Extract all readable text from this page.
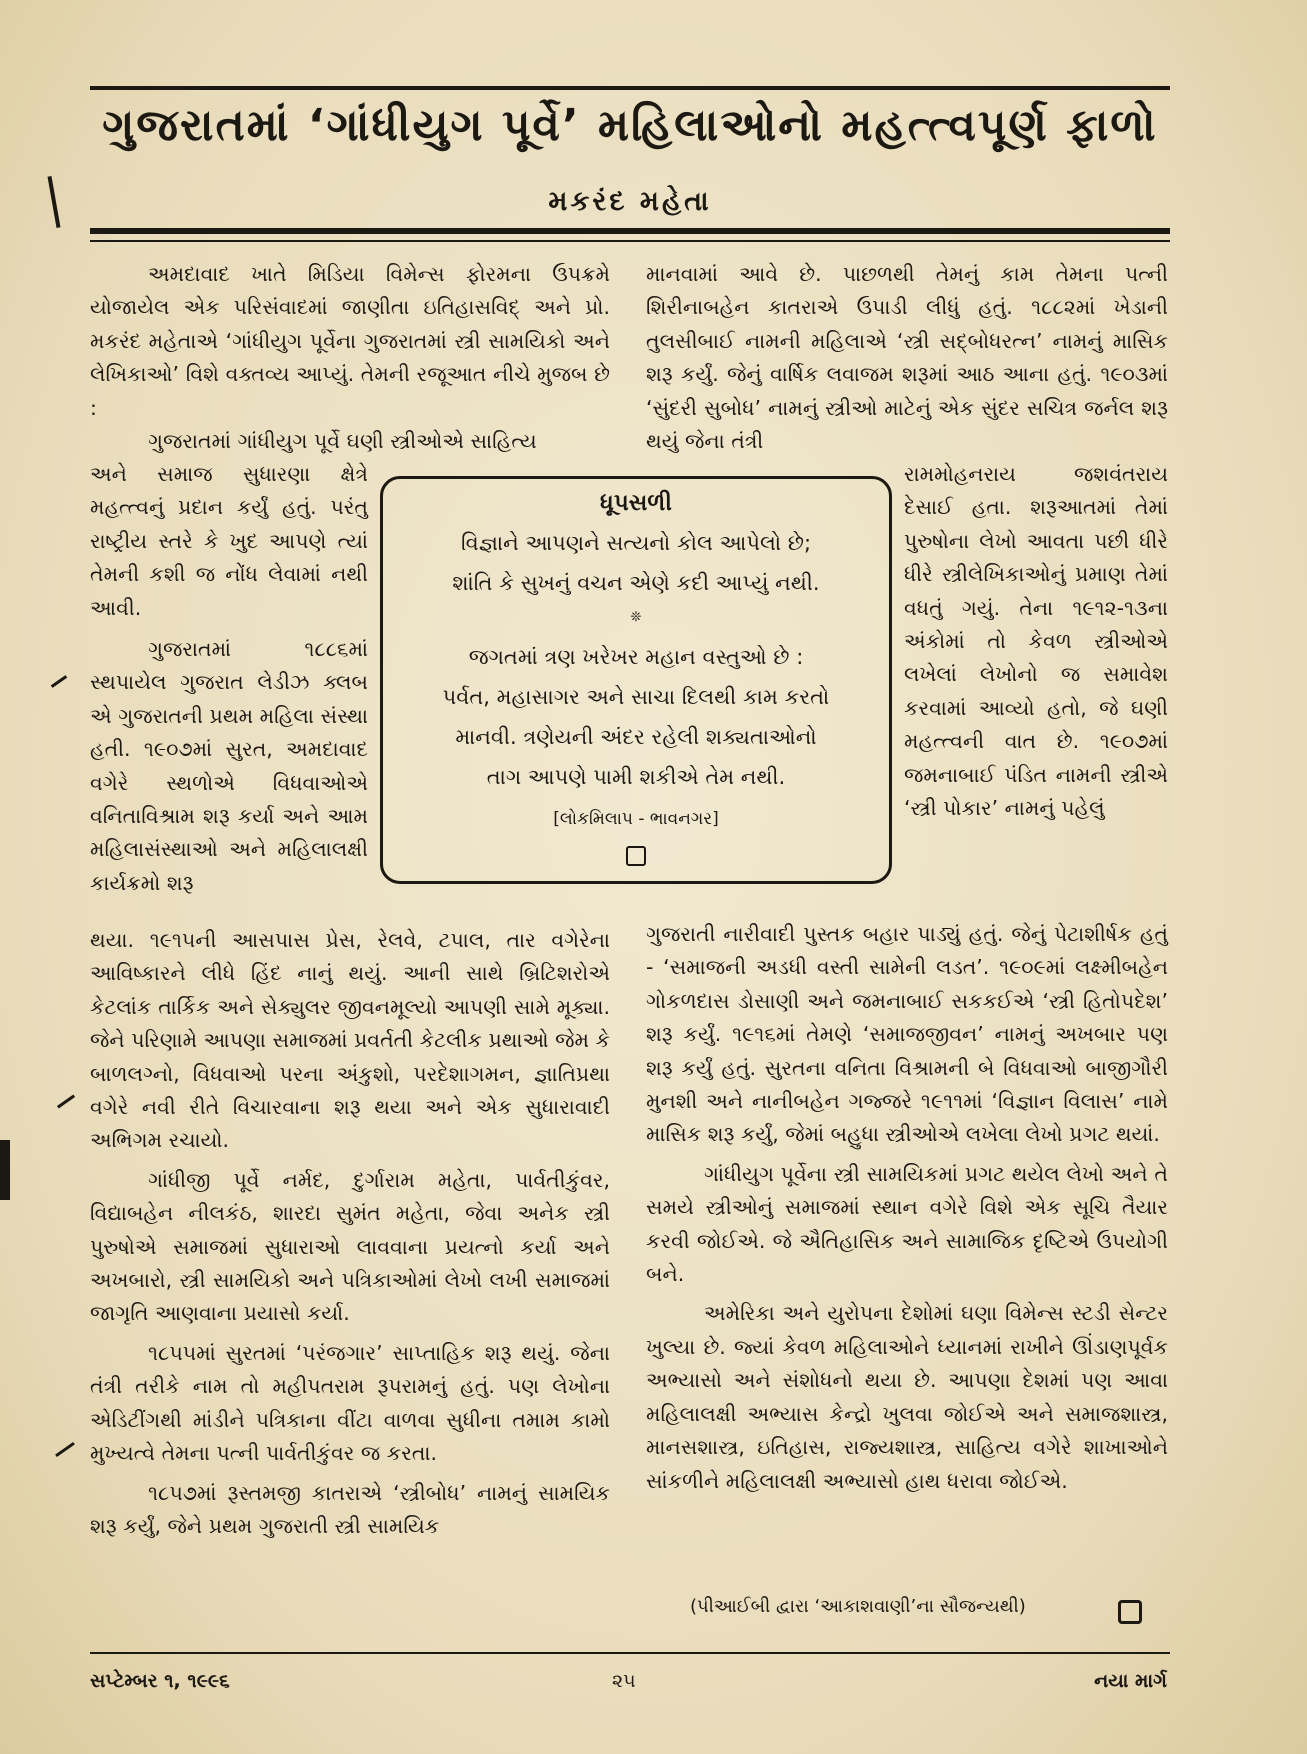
ગુજરાતમાં ‘ગાંધીયુગ પૂર્વે’ મહિલાઓનો મહત્ત્વપૂર્ણ ફાળો
મકરંદ મહેતા

અમદાવાદ ખાતે મિડિયા વિમેન્સ ફોરમના ઉપક્રમે યોજાયેલ એક પરિસંવાદમાં જાણીતા ઇતિહાસવિદ્ અને પ્રો. મકરંદ મહેતાએ ‘ગાંધીયુગ પૂર્વેના ગુજરાતમાં સ્ત્રી સામયિકો અને લેખિકાઓ’ વિશે વક્તવ્ય આપ્યું. તેમની રજૂઆત નીચે મુજબ છે :

ગુજરાતમાં ગાંધીયુગ પૂર્વે ઘણી સ્ત્રીઓએ સાહિત્ય

અને સમાજ સુધારણા ક્ષેત્રે મહત્ત્વનું પ્રદાન કર્યું હતું. પરંતુ રાષ્ટ્રીય સ્તરે કે ખુદ આપણે ત્યાં તેમની કશી જ નોંધ લેવામાં નથી આવી.

ગુજરાતમાં ૧૮૮૬માં સ્થપાયેલ ગુજરાત લેડીઝ ક્લબ એ ગુજરાતની પ્રથમ મહિલા સંસ્થા હતી. ૧૯૦૭માં સુરત, અમદાવાદ વગેરે સ્થળોએ વિધવાઓએ વનિતાવિશ્રામ શરૂ કર્યા અને આમ મહિલાસંસ્થાઓ અને મહિલાલક્ષી કાર્યક્રમો શરૂ

થયા. ૧૯૧૫ની આસપાસ પ્રેસ, રેલવે, ટપાલ, તાર વગેરેના આવિષ્કારને લીધે હિંદ નાનું થયું. આની સાથે બ્રિટિશરોએ કેટલાંક તાર્કિક અને સેક્યુલર જીવનમૂલ્યો આપણી સામે મૂક્યા. જેને પરિણામે આપણા સમાજમાં પ્રવર્તતી કેટલીક પ્રથાઓ જેમ કે બાળલગ્નો, વિધવાઓ પરના અંકુશો, પરદેશાગમન, જ્ઞાતિપ્રથા વગેરે નવી રીતે વિચારવાના શરૂ થયા અને એક સુધારાવાદી અભિગમ રચાયો.

ગાંધીજી પૂર્વે નર્મદ, દુર્ગારામ મહેતા, પાર્વતીકુંવર, વિદ્યાબહેન નીલકંઠ, શારદા સુમંત મહેતા, જેવા અનેક સ્ત્રી પુરુષોએ સમાજમાં સુધારાઓ લાવવાના પ્રયત્નો કર્યા અને અખબારો, સ્ત્રી સામયિકો અને પત્રિકાઓમાં લેખો લખી સમાજમાં જાગૃતિ આણવાના પ્રયાસો કર્યા.

૧૮૫૫માં સુરતમાં ‘પરંજગાર’ સાપ્તાહિક શરૂ થયું. જેના તંત્રી તરીકે નામ તો મહીપતરામ રૂપરામનું હતું. પણ લેખોના એડિટીંગથી માંડીને પત્રિકાના વીંટા વાળવા સુધીના તમામ કામો મુખ્યત્વે તેમના પત્ની પાર્વતીકુંવર જ કરતા.

૧૮૫૭માં રૂસ્તમજી કાતરાએ ‘સ્ત્રીબોધ’ નામનું સામયિક શરૂ કર્યું, જેને પ્રથમ ગુજરાતી સ્ત્રી સામયિક

માનવામાં આવે છે. પાછળથી તેમનું કામ તેમના પત્ની શિરીનાબહેન કાતરાએ ઉપાડી લીધું હતું. ૧૮૮૨માં ખેડાની તુલસીબાઈ નામની મહિલાએ ‘સ્ત્રી સદ્બોધરત્ન’ નામનું માસિક શરૂ કર્યું. જેનું વાર્ષિક લવાજમ શરૂમાં આઠ આના હતું. ૧૯૦૩માં ‘સુંદરી સુબોધ’ નામનું સ્ત્રીઓ માટેનું એક સુંદર સચિત્ર જર્નલ શરૂ થયું જેના તંત્રી

રામમોહનરાય જશવંતરાય દેસાઈ હતા. શરૂઆતમાં તેમાં પુરુષોના લેખો આવતા પછી ધીરે ધીરે સ્ત્રીલેખિકાઓનું પ્રમાણ તેમાં વધતું ગયું. તેના ૧૯૧૨-૧૩ના અંકોમાં તો કેવળ સ્ત્રીઓએ લખેલાં લેખોનો જ સમાવેશ કરવામાં આવ્યો હતો, જે ઘણી મહત્ત્વની વાત છે. ૧૯૦૭માં જમનાબાઈ પંડિત નામની સ્ત્રીએ ‘સ્ત્રી પોકાર’ નામનું પહેલું

ગુજરાતી નારીવાદી પુસ્તક બહાર પાડ્યું હતું. જેનું પેટાશીર્ષક હતું - ‘સમાજની અડધી વસ્તી સામેની લડત’. ૧૯૦૯માં લક્ષ્મીબહેન ગોકળદાસ ડોસાણી અને જમનાબાઈ સકકઈએ ‘સ્ત્રી હિતોપદેશ’ શરૂ કર્યું. ૧૯૧૬માં તેમણે ‘સમાજજીવન’ નામનું અખબાર પણ શરૂ કર્યું હતું. સુરતના વનિતા વિશ્રામની બે વિધવાઓ બાજીગૌરી મુનશી અને નાનીબહેન ગજ્જરે ૧૯૧૧માં ‘વિજ્ઞાન વિલાસ’ નામે માસિક શરૂ કર્યું, જેમાં બહુધા સ્ત્રીઓએ લખેલા લેખો પ્રગટ થયાં.

ગાંધીયુગ પૂર્વેના સ્ત્રી સામયિકમાં પ્રગટ થયેલ લેખો અને તે સમયે સ્ત્રીઓનું સમાજમાં સ્થાન વગેરે વિશે એક સૂચિ તૈયાર કરવી જોઈએ. જે ઐતિહાસિક અને સામાજિક દૃષ્ટિએ ઉપયોગી બને.

અમેરિકા અને યુરોપના દેશોમાં ઘણા વિમેન્સ સ્ટડી સેન્ટર ખુલ્યા છે. જ્યાં કેવળ મહિલાઓને ધ્યાનમાં રાખીને ઊંડાણપૂર્વક અભ્યાસો અને સંશોધનો થયા છે. આપણા દેશમાં પણ આવા મહિલાલક્ષી અભ્યાસ કેન્દ્રો ખુલવા જોઈએ અને સમાજશાસ્ત્ર, માનસશાસ્ત્ર, ઇતિહાસ, રાજ્યશાસ્ત્ર, સાહિત્ય વગેરે શાખાઓને સાંકળીને મહિલાલક્ષી અભ્યાસો હાથ ધરાવા જોઈએ.

(પીઆઈબી દ્વારા ‘આકાશવાણી’ના સૌજન્યથી)
ધૂપસળી
વિજ્ઞાને આપણને સત્યનો કોલ આપેલો છે;
શાંતિ કે સુખનું વચન એણે કદી આપ્યું નથી.
❊
જગતમાં ત્રણ ખરેખર મહાન વસ્તુઓ છે :
પર્વત, મહાસાગર અને સાચા દિલથી કામ કરતો
માનવી. ત્રણેયની અંદર રહેલી શક્યતાઓનો
તાગ આપણે પામી શકીએ તેમ નથી.
[લોકમિલાપ - ભાવનગર]
સપ્ટેમ્બર ૧, ૧૯૯૬	૨૫	નયા માર્ગ
